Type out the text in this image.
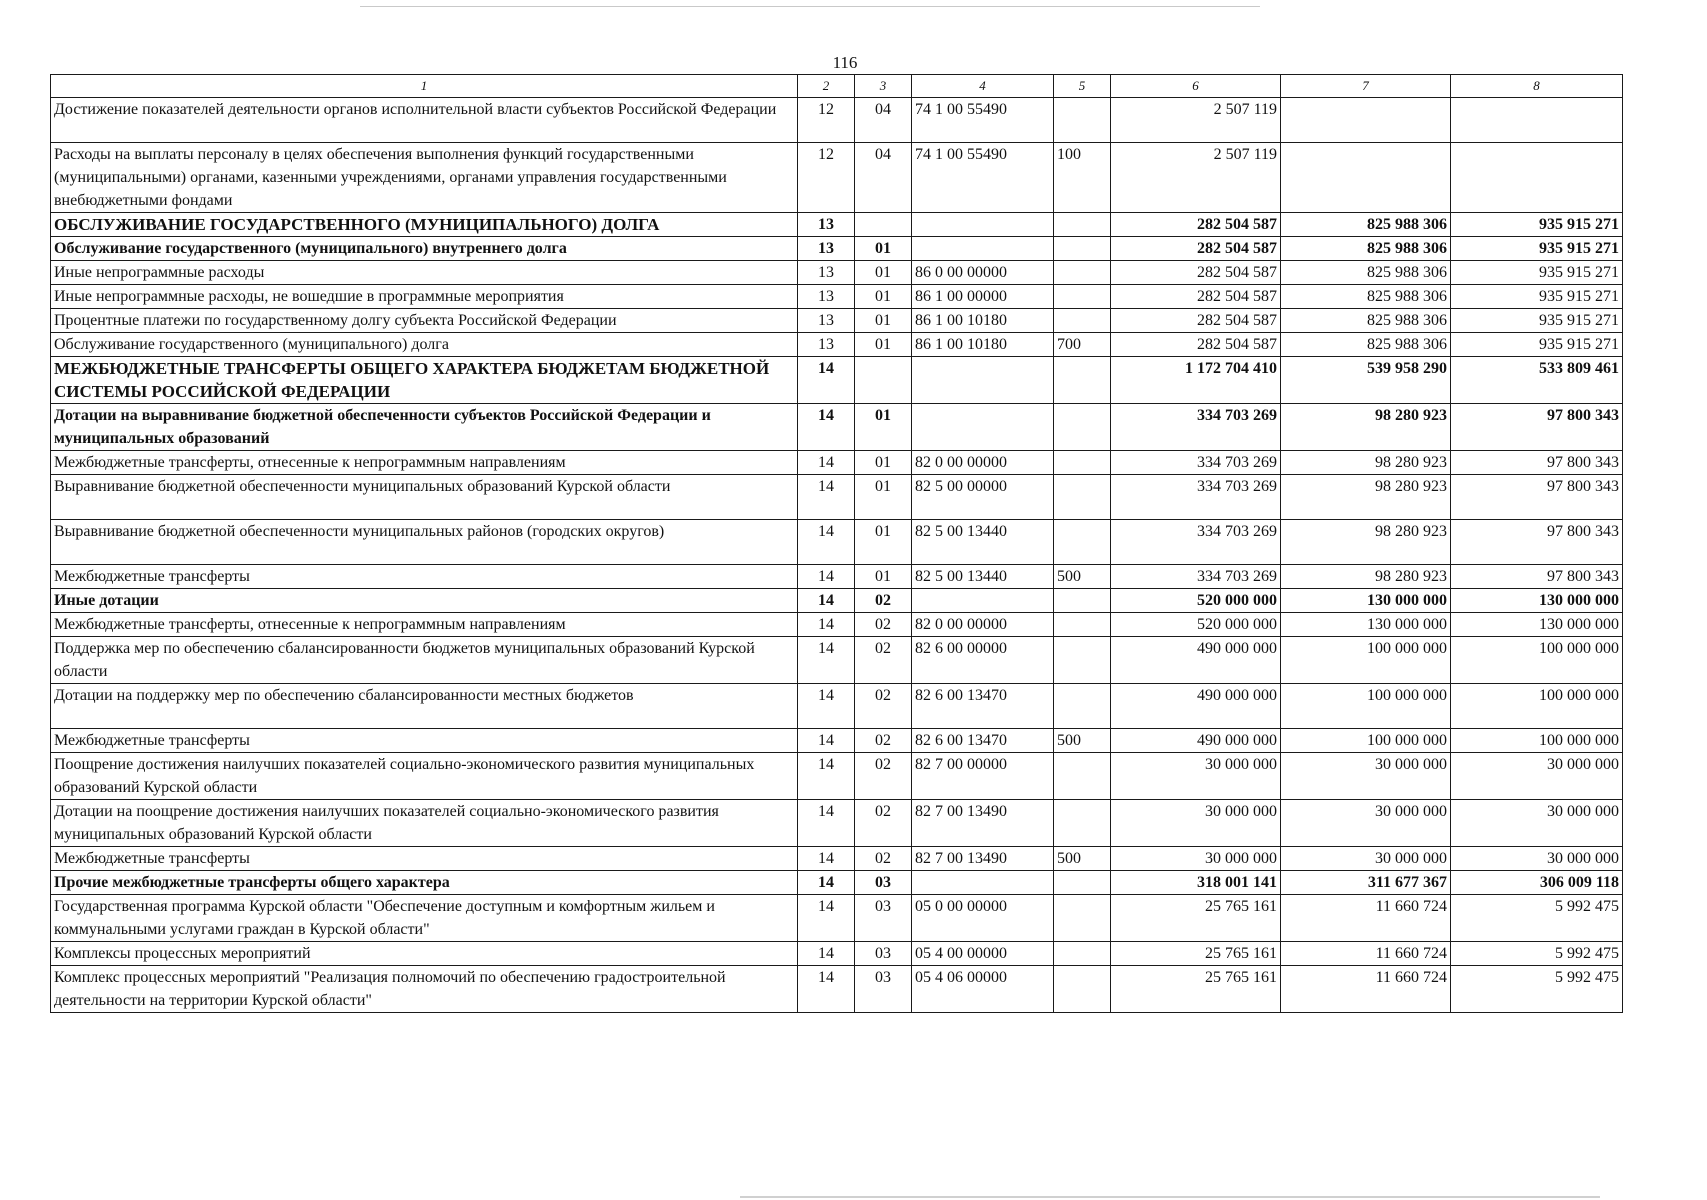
116
1	2	3	4	5	6	7	8
Достижение показателей деятельности органов исполнительной власти субъектов Российской Федерации	12	04	74 1 00 55490		2 507 119		
Расходы на выплаты персоналу в целях обеспечения выполнения функций государственными (муниципальными) органами, казенными учреждениями, органами управления государственными внебюджетными фондами	12	04	74 1 00 55490	100	2 507 119		
ОБСЛУЖИВАНИЕ ГОСУДАРСТВЕННОГО (МУНИЦИПАЛЬНОГО) ДОЛГА	13				282 504 587	825 988 306	935 915 271
Обслуживание государственного (муниципального) внутреннего долга	13	01			282 504 587	825 988 306	935 915 271
Иные непрограммные расходы	13	01	86 0 00 00000		282 504 587	825 988 306	935 915 271
Иные непрограммные расходы, не вошедшие в программные мероприятия	13	01	86 1 00 00000		282 504 587	825 988 306	935 915 271
Процентные платежи по государственному долгу субъекта Российской Федерации	13	01	86 1 00 10180		282 504 587	825 988 306	935 915 271
Обслуживание государственного (муниципального) долга	13	01	86 1 00 10180	700	282 504 587	825 988 306	935 915 271
МЕЖБЮДЖЕТНЫЕ ТРАНСФЕРТЫ ОБЩЕГО ХАРАКТЕРА БЮДЖЕТАМ БЮДЖЕТНОЙ СИСТЕМЫ РОССИЙСКОЙ ФЕДЕРАЦИИ	14				1 172 704 410	539 958 290	533 809 461
Дотации на выравнивание бюджетной обеспеченности субъектов Российской Федерации и муниципальных образований	14	01			334 703 269	98 280 923	97 800 343
Межбюджетные трансферты, отнесенные к непрограммным направлениям	14	01	82 0 00 00000		334 703 269	98 280 923	97 800 343
Выравнивание бюджетной обеспеченности муниципальных образований Курской области	14	01	82 5 00 00000		334 703 269	98 280 923	97 800 343
Выравнивание бюджетной обеспеченности муниципальных районов (городских округов)	14	01	82 5 00 13440		334 703 269	98 280 923	97 800 343
Межбюджетные трансферты	14	01	82 5 00 13440	500	334 703 269	98 280 923	97 800 343
Иные дотации	14	02			520 000 000	130 000 000	130 000 000
Межбюджетные трансферты, отнесенные к непрограммным направлениям	14	02	82 0 00 00000		520 000 000	130 000 000	130 000 000
Поддержка мер по обеспечению сбалансированности бюджетов муниципальных образований Курской области	14	02	82 6 00 00000		490 000 000	100 000 000	100 000 000
Дотации на поддержку мер по обеспечению сбалансированности местных бюджетов	14	02	82 6 00 13470		490 000 000	100 000 000	100 000 000
Межбюджетные трансферты	14	02	82 6 00 13470	500	490 000 000	100 000 000	100 000 000
Поощрение достижения наилучших показателей социально-экономического развития муниципальных образований Курской области	14	02	82 7 00 00000		30 000 000	30 000 000	30 000 000
Дотации на поощрение достижения наилучших показателей социально-экономического развития муниципальных образований Курской области	14	02	82 7 00 13490		30 000 000	30 000 000	30 000 000
Межбюджетные трансферты	14	02	82 7 00 13490	500	30 000 000	30 000 000	30 000 000
Прочие межбюджетные трансферты общего характера	14	03			318 001 141	311 677 367	306 009 118
Государственная программа Курской области "Обеспечение доступным и комфортным жильем и коммунальными услугами граждан в Курской области"	14	03	05 0 00 00000		25 765 161	11 660 724	5 992 475
Комплексы процессных мероприятий	14	03	05 4 00 00000		25 765 161	11 660 724	5 992 475
Комплекс процессных мероприятий "Реализация полномочий по обеспечению градостроительной деятельности на территории Курской области"	14	03	05 4 06 00000		25 765 161	11 660 724	5 992 475
